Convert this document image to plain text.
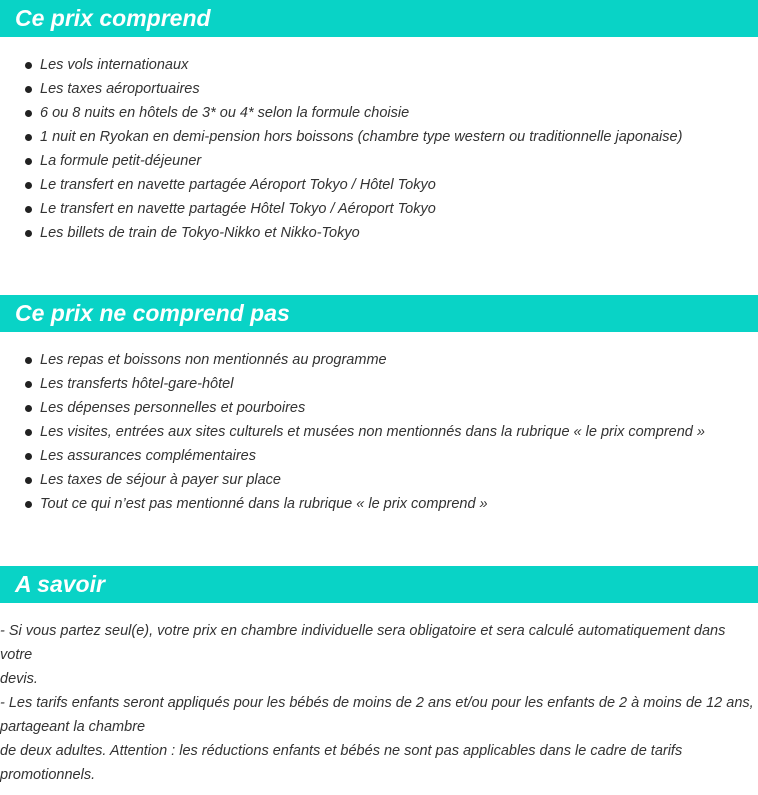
Ce prix comprend
Les vols internationaux
Les taxes aéroportuaires
6 ou 8 nuits en hôtels de 3* ou 4* selon la formule choisie
1 nuit en Ryokan en demi-pension hors boissons (chambre type western ou traditionnelle japonaise)
La formule petit-déjeuner
Le transfert en navette partagée Aéroport Tokyo / Hôtel Tokyo
Le transfert en navette partagée Hôtel Tokyo / Aéroport Tokyo
Les billets de train de Tokyo-Nikko et Nikko-Tokyo
Ce prix ne comprend pas
Les repas et boissons non mentionnés au programme
Les transferts hôtel-gare-hôtel
Les dépenses personnelles et pourboires
Les visites, entrées aux sites culturels et musées non mentionnés dans la rubrique « le prix comprend »
Les assurances complémentaires
Les taxes de séjour à payer sur place
Tout ce qui n’est pas mentionné dans la rubrique « le prix comprend »
A savoir

- Si vous partez seul(e), votre prix en chambre individuelle sera obligatoire et sera calculé automatiquement dans votre

devis.

- Les tarifs enfants seront appliqués pour les bébés de moins de 2 ans et/ou pour les enfants de 2 à moins de 12 ans,

partageant la chambre

de deux adultes. Attention : les réductions enfants et bébés ne sont pas applicables dans le cadre de tarifs promotionnels.
